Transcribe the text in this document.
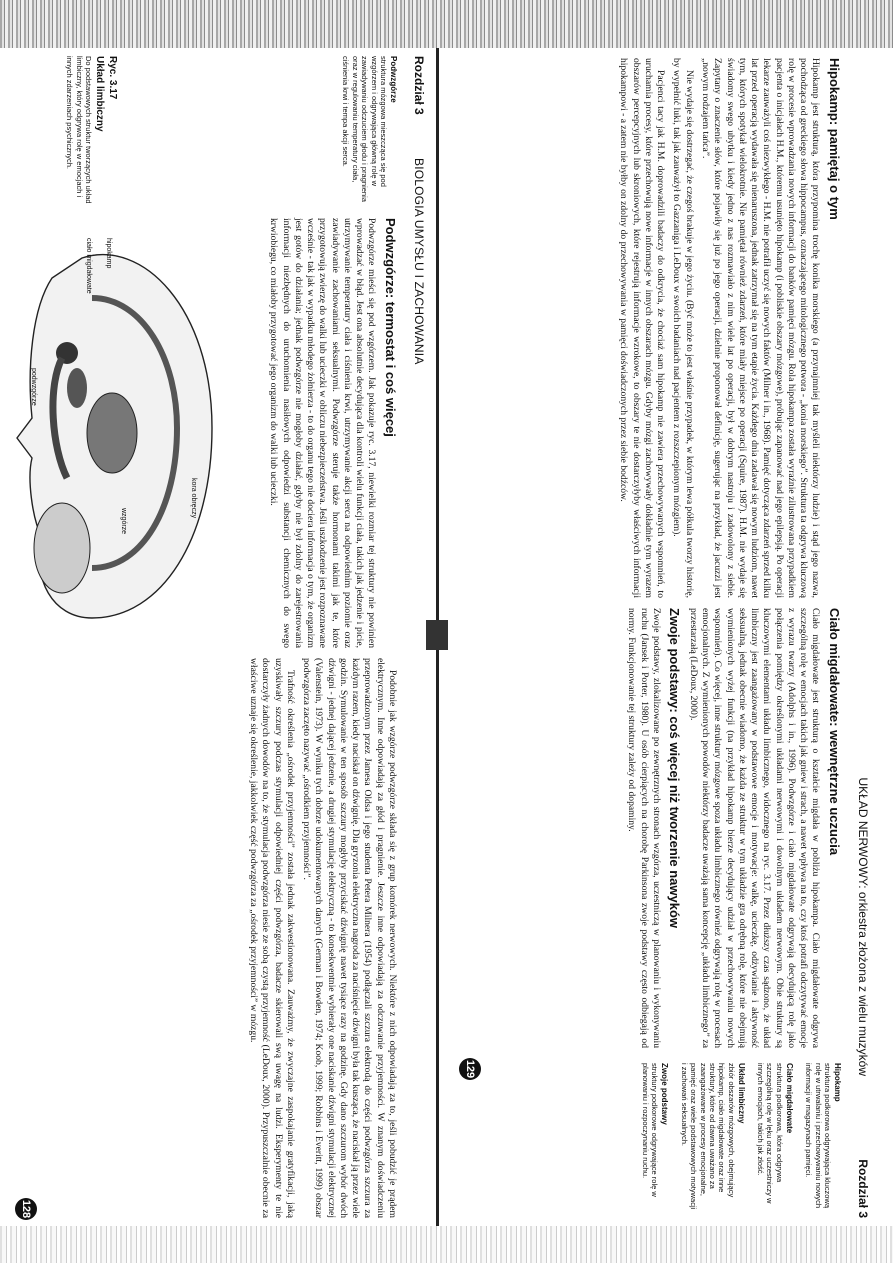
Rozdział 3
BIOLOGIA UMYSŁU I ZACHOWANIA

Podwzgórze
struktura mózgowa mieszcząca się pod wzgórzem i odgrywająca główną rolę w zawiadywaniu odczuciem głodu i pragnienia oraz w regulowaniu temperatury ciała, ciśnienia krwi i tempa akcji serca.

Ryc. 3.17
Układ limbiczny
Do podstawowych struktur tworzących układ limbiczny, który odgrywa rolę w emocjach i innych zdarzeniach psychicznych.
Podwzgórze: termostat i coś więcej

Podwzgórze mieści się pod wzgórzem. Jak pokazuje ryc. 3.17, niewielki rozmiar tej struktury nie powinien wprowadzać w błąd. Jest ona absolutnie decydująca dla kontroli wielu funkcji ciała, takich jak jedzenie i picie, utrzymywanie temperatury ciała i ciśnienia krwi, utrzymywanie akcji serca na odpowiednim poziomie oraz zawiadywanie zachowaniami seksualnymi. Podwzgórze steruje także hormonami takimi jak te, które przygotowują zwierzę do walki lub ucieczki w obliczu niebezpieczeństwa. Jeśli uszkodzenie jest rozpoznawane wcześnie - tak jak w wypadku młodego żołnierza - to do organu tego nie dociera informacja o tym, że organizm jest gotów do działania; jednak podwzgórze nie mogłoby działać, gdyby nie był zdolny do zarejestrowania informacji niezbędnych do uruchomienia nasiłowych odpowiedzi substancji chemicznych do swego krwiobiegu, co miałoby przygotować jego organizm do walki lub ucieczki.

kora obręczy
wzgórze
hipokamp
ciało migdałowate
podwzgórze

Podobnie jak wzgórze podwzgórze składa się z grup komórek nerwowych. Niektóre z nich odpowiadają za to, jeśli pobudzić je prądem elektrycznym. Inne odpowiadają za głód i pragnienie. Jeszcze inne odpowiadają za odczuwanie przyjemności. W znanym doświadczeniu przeprowadzonym przez Jamesa Oldsa i jego studenta Petera Milnera (1954) podłączali szczura elektrodą do części podwzgórza szczura za każdym razem, kiedy naciskał on dźwignię. Dla gryzonia elektryczna nagroda za naciśnięcie dźwigni była tak kusząca, że naciskał ją przez wiele godzin. Symulowanie w ten sposób szczury mogłyby przyciskać dźwignię nawet tysiące razy na godzinę. Gdy dano szczurom wybór dwóch dźwigni - jednej dającej jedzenie, a drugiej stymulację elektryczną - to konsekwentnie wybierały one naciskanie dźwigni stymulacji elektrycznej (Valenstein, 1973). W wyniku tych dobrze udokumentowanych danych (German i Bowden, 1974; Koob, 1999; Robbins i Everitt, 1999) obszar podwzgórza zaczęto nazywać „ośrodkiem przyjemności”.

Trafność określenia „ośrodek przyjemności” została jednak zakwestionowana. Zauważmy, że zwyczajne zaspokajanie gratyfikacji, jaką uzyskiwały szczury podczas stymulacji odpowiedniej części podwzgórza, badacze skierowali swą uwagę na ludzi. Eksperymenty te nie dostarczyły żadnych dowodów na to, że stymulacja podwzgórza niesie ze sobą czystą przyjemność (LeDoux, 2000). Przypuszczalnie obecnie za właściwe uznaje się określenie, jakkolwiek część podwzgórza za „ośrodek przyjemności” w mózgu.

128
UKŁAD NERWOWY: orkiestra złożona z wielu muzyków
Rozdział 3
Hipokamp: pamiętaj o tym

Hipokamp jest strukturą, która przypomina trochę konika morskiego (a przynajmniej tak myśleli niektórzy ludzie) i stąd jego nazwa, pochodząca od greckiego słowa hippocampus, oznaczającego mitologicznego potwora - „konia morskiego”. Struktura ta odgrywa kluczową rolę w procesie wprowadzania nowych informacji do banków pamięci mózgu. Rola hipokampa została wyraźnie zilustrowana przypadkiem pacjenta o inicjałach H.M., któremu usunięto hipokamp (i pobliskie obszary mózgowe), próbując zapanować nad jego epilepsją. Po operacji lekarze zauważyli coś niezwykłego - H.M. nie potrafił uczyć się nowych faktów (Milner i in., 1968). Pamięć dotycząca zdarzeń sprzed kilku lat przed operacją wydawała się nienaruszona, jednak zatrzymał się na tym etapie życia. Każdego dnia zadawał się nowym ludziom, nawet tym, których spotykał wielokrotnie. Nie pamiętał również zdarzeń, które miały miejsce po operacji (Squire, 1987). H.M. nie wydaje się świadomy swego ubytku i kiedy jedno z nas rozmawiało z nim wiele lat po operacji, był w dobrym nastroju i zadowolony z siebie. Zapytany o znaczenie słów, które pojawiły się już po jego operacji, dzielnie proponował definicję, sugerując na przykład, że jacuzzi jest „nowym rodzajem tańca”.

Nie wydaje się dostrzegać, że czegoś brakuje w jego życiu. (Być może to jest właśnie przypadek, w którym lewa półkula tworzy historię, by wypełnić luki, tak jak zauważył to Gazzaniga i LeDoux w swoich badaniach nad pacjentem z rozszczepionym mózgiem).

Pacjenci tacy jak H.M. doprowadzili badaczy do odkrycia, że chociaż sam hipokamp nie zawiera przechowywanych wspomnień, to uruchamia procesy, które przechowują nowe informacje w innych obszarach mózgu. Gdyby mózgi zachowywały dokładnie tym wyrazem obszarów percepcyjnych lub skroniowych, które rejestrują informacje wzrokowe, to obszary te nie dostarczyłyby właściwych informacji hipokampowi - a zatem nie byłby on zdolny do przechowywania w pamięci doświadczonych przez siebie bodźców.

Ciało migdałowate: wewnętrzne uczucia

Ciało migdałowate jest strukturą o kształcie migdała w pobliżu hipokampa. Ciało migdałowate odgrywa szczególną rolę w emocjach takich jak gniew i strach, a nawet wpływa na to, czy ktoś potrafi odczytywać emocje z wyrazu twarzy (Adolphs i in., 1996). Podwzgórze i ciało migdałowate odgrywają decydującą rolę jako połączenia pomiędzy określonymi układami nerwowymi i dowolnym układem nerwowym. Obie struktury są kluczowymi elementami układu limbicznego, widocznego na ryc. 3.17. Przez dłuższy czas sądzono, że układ limbiczny jest zaangażowany w podstawowe emocje i motywacje: walkę, ucieczkę, odżywianie i aktywność seksualną, jednak obecnie wiadomo, że każda ze struktur w tym układzie gra odrębną rolę, które nie obejmują wymienionych wyżej funkcji (na przykład hipokamp bierze decydujący udział w przechowywaniu nowych wspomnień). Co więcej, inne struktury mózgowe spoza układu limbicznego również odgrywają rolę w procesach emocjonalnych. Z wymienionych powodów niektórzy badacze uważają sama koncepcję „układu limbicznego” za przestarzałą (LeDoux, 2000).

Zwoje podstawy: coś więcej niż tworzenie nawyków

Zwoje podstawy, zlokalizowane po zewnętrznych stronach wzgórza, uczestniczą w planowaniu i wykonywaniu ruchu (Jansek i Porter, 1980). U osób cierpiących na chorobę Parkinsona zwoje podstawy często odbiegają od normy. Funkcjonowanie tej struktury zależy od dopaminy.

Hipokamp
struktura podkorowa odgrywająca kluczową rolę w utrwalaniu i przechowywaniu nowych informacji w magazynach pamięci.

Ciało migdałowate
struktura podkorowa, która odgrywa szczególną rolę w lęku oraz uczestniczy w innych emocjach, takich jak złość.

Układ limbiczny
zbiór obszarów mózgowych, obejmujący hipokamp, ciało migdałowate oraz inne struktury, które od dawna uważano za zaangażowane w procesy emocjonalne, pamięć oraz wiele podstawowych motywacji i zachowań seksualnych.

Zwoje podstawy
struktury podkorowe odgrywające rolę w planowaniu i rozpoczynaniu ruchu.

129
